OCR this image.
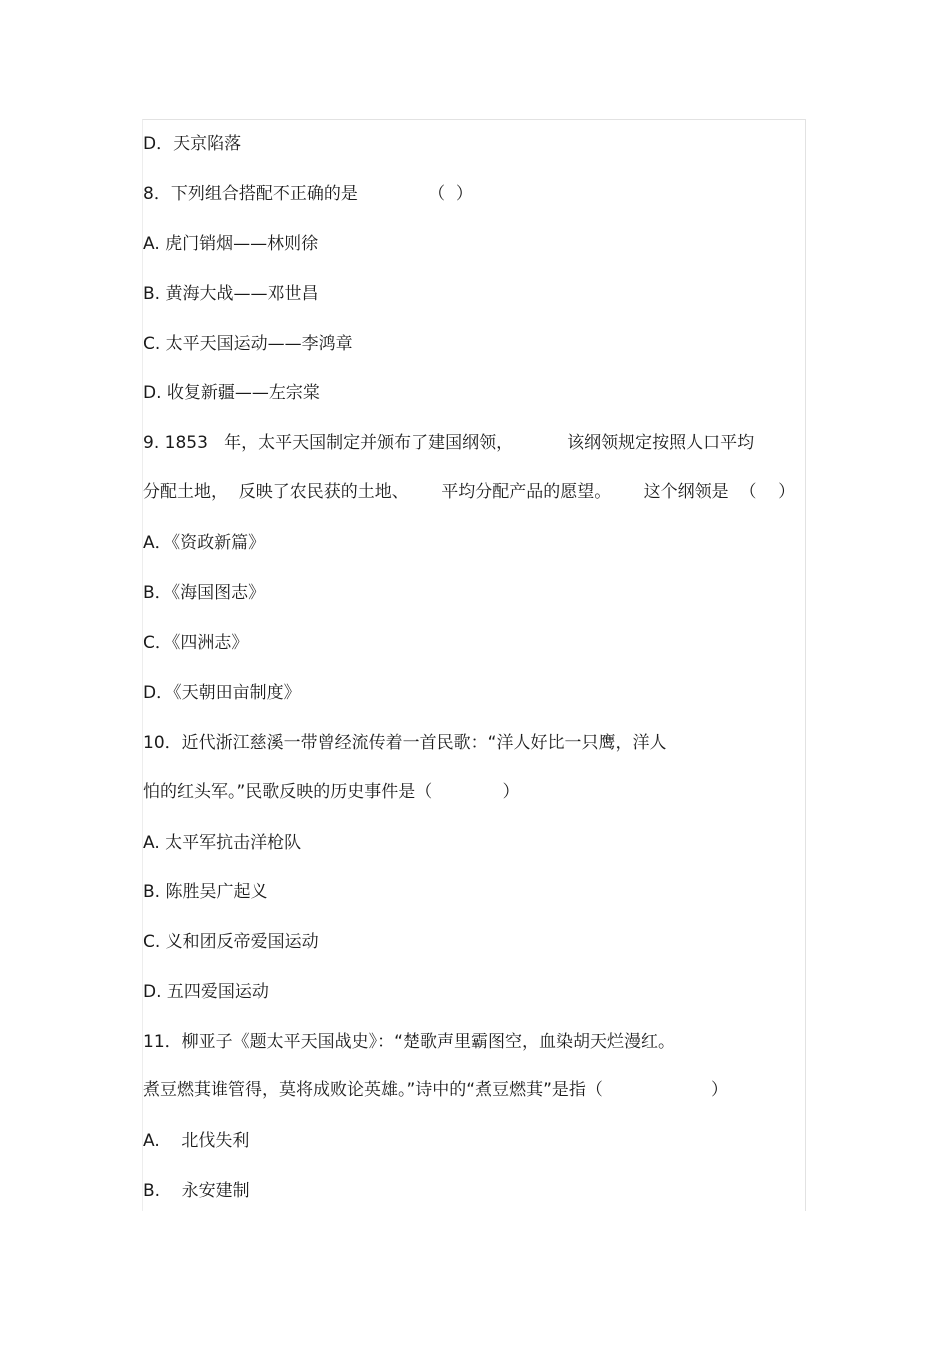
D．天京陷落
8．下列组合搭配不正确的是             （  ）
A. 虎门销烟——林则徐
B. 黄海大战——邓世昌
C. 太平天国运动——李鸿章
D. 收复新疆——左宗棠
9. 1853   年，太平天国制定并颁布了建国纲领，          该纲领规定按照人口平均
分配土地，  反映了农民获的土地、      平均分配产品的愿望。      这个纲领是  （    ）
A．《资政新篇》
B．《海国图志》
C．《四洲志》
D．《天朝田亩制度》
10．近代浙江慈溪一带曾经流传着一首民歌：“洋人好比一只鹰，洋人
怕的红头军。”民歌反映的历史事件是（             ）
A. 太平军抗击洋枪队
B. 陈胜吴广起义
C. 义和团反帝爱国运动
D. 五四爱国运动
11．柳亚子《题太平天国战史》：“楚歌声里霸图空，血染胡天烂漫红。
煮豆燃萁谁管得，莫将成败论英雄。”诗中的“煮豆燃萁”是指（                    ）
A.    北伐失利
B.    永安建制
